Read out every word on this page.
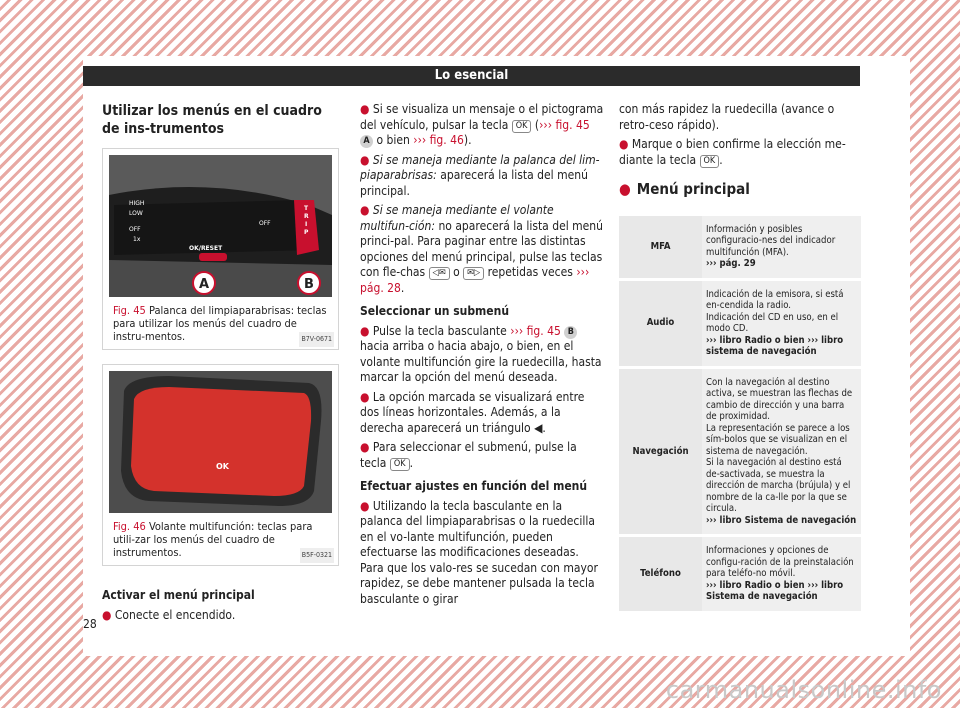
Lo esencial
Utilizar los menús en el cuadro de ins-trumentos
HIGH
LOW
OFF
1x
OK/RESET
OFF
T
R
I
P
A	B
Fig. 45 Palanca del limpiaparabrisas: teclas para utilizar los menús del cuadro de instru-mentos.	B7V-0671
OK
Fig. 46 Volante multifunción: teclas para utili-zar los menús del cuadro de instrumentos.	B5F-0321

Activar el menú principal

● Conecte el encendido.

● Si se visualiza un mensaje o el pictograma del vehículo, pulsar la tecla OK (››› fig. 45 A o bien ››› fig. 46).

● Si se maneja mediante la palanca del lim-piaparabrisas: aparecerá la lista del menú principal.

● Si se maneja mediante el volante multifun-ción: no aparecerá la lista del menú princi-pal. Para paginar entre las distintas opciones del menú principal, pulse las teclas con fle-chas ◁✉ o ✉▷ repetidas veces ››› pág. 28.

Seleccionar un submenú

● Pulse la tecla basculante ››› fig. 45 B hacia arriba o hacia abajo, o bien, en el volante multifunción gire la ruedecilla, hasta marcar la opción del menú deseada.

● La opción marcada se visualizará entre dos líneas horizontales. Además, a la derecha aparecerá un triángulo ◀.

● Para seleccionar el submenú, pulse la tecla OK .

Efectuar ajustes en función del menú

● Utilizando la tecla basculante en la palanca del limpiaparabrisas o la ruedecilla en el vo-lante multifunción, pueden efectuarse las modificaciones deseadas. Para que los valo-res se sucedan con mayor rapidez, se debe mantener pulsada la tecla basculante o girar

con más rapidez la ruedecilla (avance o retro-ceso rápido).

● Marque o bien confirme la elección me-diante la tecla OK .

● Menú principal
MFA	Información y posibles configuracio-nes del indicador multifunción (MFA).
››› pág. 29

Audio	Indicación de la emisora, si está en-cendida la radio.
Indicación del CD en uso, en el modo CD.
››› libro Radio o bien ››› libro sistema de navegación

Navegación	Con la navegación al destino activa, se muestran las flechas de cambio de dirección y una barra de proximidad.
La representación se parece a los sím-bolos que se visualizan en el sistema de navegación.
Si la navegación al destino está de-sactivada, se muestra la dirección de marcha (brújula) y el nombre de la ca-lle por la que se circula.
››› libro Sistema de navegación

Teléfono	Informaciones y opciones de configu-ración de la preinstalación para teléfo-no móvil.
››› libro Radio o bien ››› libro Sistema de navegación
28
carmanualsonline.info
